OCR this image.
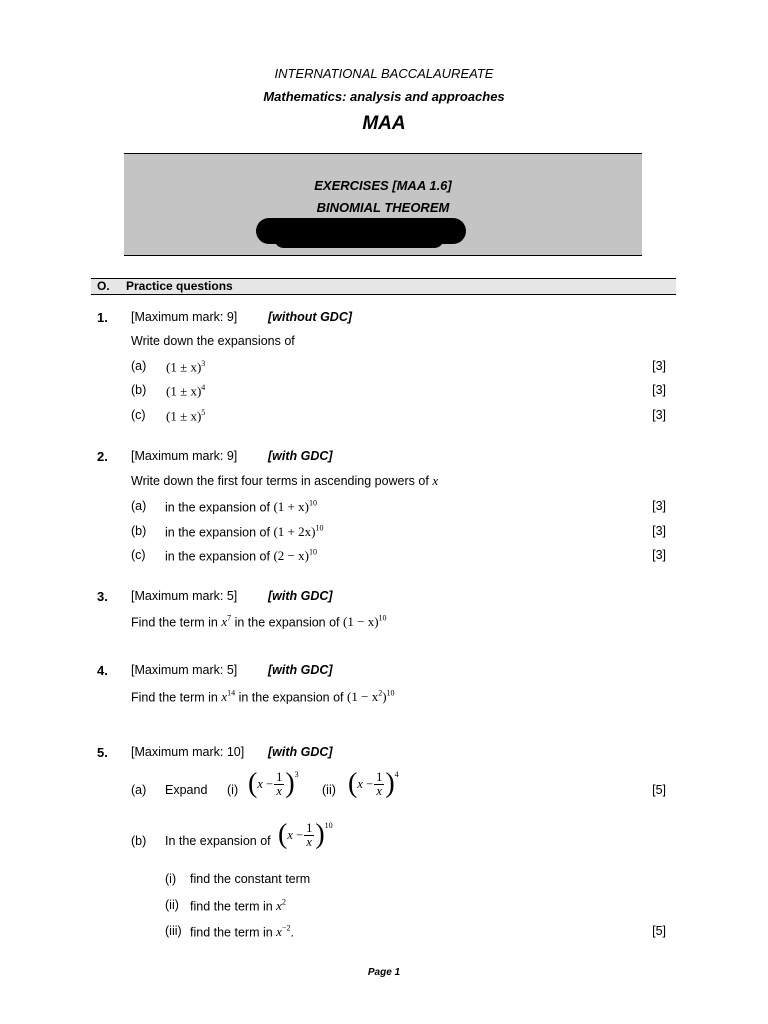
INTERNATIONAL BACCALAUREATE
Mathematics: analysis and approaches
MAA
EXERCISES [MAA 1.6]
BINOMIAL THEOREM
O. Practice questions
1. [Maximum mark: 9] [without GDC]
Write down the expansions of
(a) $(1 \pm x)^3$	[3]
(b) $(1 \pm x)^4$	[3]
(c) $(1 \pm x)^5$	[3]
2. [Maximum mark: 9] [with GDC]
Write down the first four terms in ascending powers of x
(a) in the expansion of $(1 + x)^{10}$	[3]
(b) in the expansion of $(1 + 2x)^{10}$	[3]
(c) in the expansion of $(2 - x)^{10}$	[3]
3. [Maximum mark: 5] [with GDC]
Find the term in $x^7$ in the expansion of $(1 - x)^{10}$
4. [Maximum mark: 5] [with GDC]
Find the term in $x^{14}$ in the expansion of $(1 - x^2)^{10}$
5. [Maximum mark: 10] [with GDC]
(a) Expand (i) ( x
− $\frac{1}{x} )^3$
(ii) ( x
− $\frac{1}{x} )^4$
[5]
(b) In the expansion of ( x
− $\frac{1}{x} )^{10}$
(i) find the constant term
(ii) find the term in $x^2$
(iii) find the term in $x^{-2}$.	[5]
Page 1
